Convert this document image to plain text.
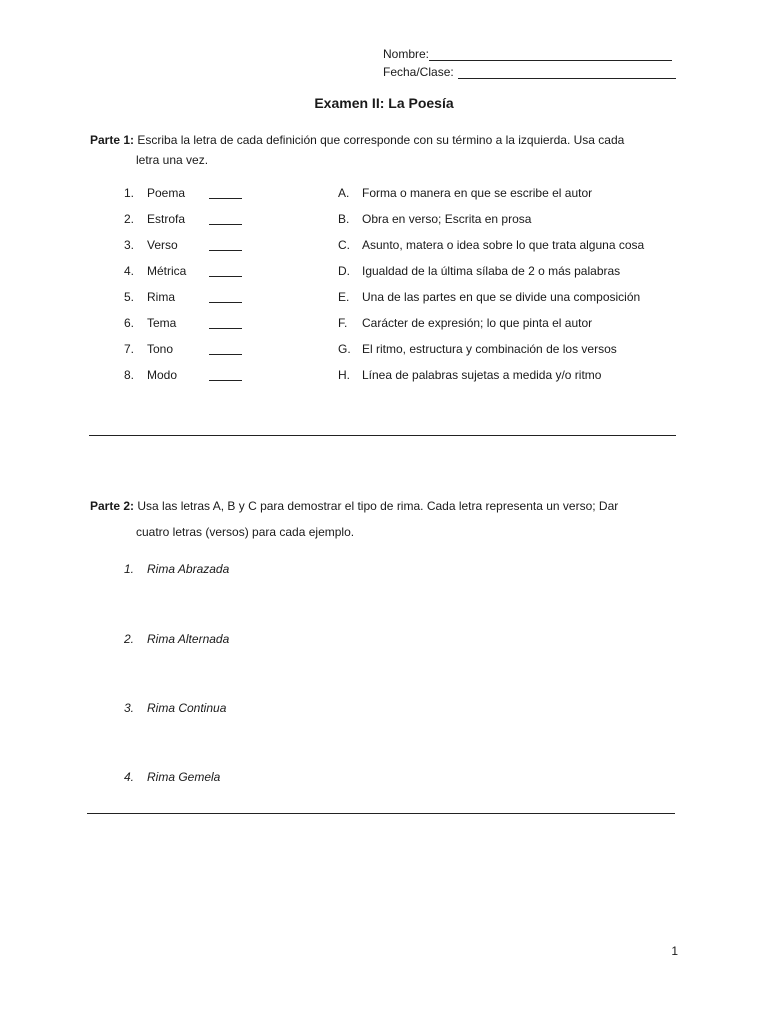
Nombre:
Fecha/Clase:
Examen II: La Poesía
Parte 1: Escriba la letra de cada definición que corresponde con su término a la izquierda. Usa cada
letra una vez.
1. Poema	A. Forma o manera en que se escribe el autor
2. Estrofa	B. Obra en verso; Escrita en prosa
3. Verso	C. Asunto, matera o idea sobre lo que trata alguna cosa
4. Métrica	D. Igualdad de la última sílaba de 2 o más palabras
5. Rima	E. Una de las partes en que se divide una composición
6. Tema	F. Carácter de expresión; lo que pinta el autor
7. Tono	G. El ritmo, estructura y combinación de los versos
8. Modo	H. Línea de palabras sujetas a medida y/o ritmo
Parte 2: Usa las letras A, B y C para demostrar el tipo de rima. Cada letra representa un verso; Dar
cuatro letras (versos) para cada ejemplo.
1. Rima Abrazada
2. Rima Alternada
3. Rima Continua
4. Rima Gemela
1
